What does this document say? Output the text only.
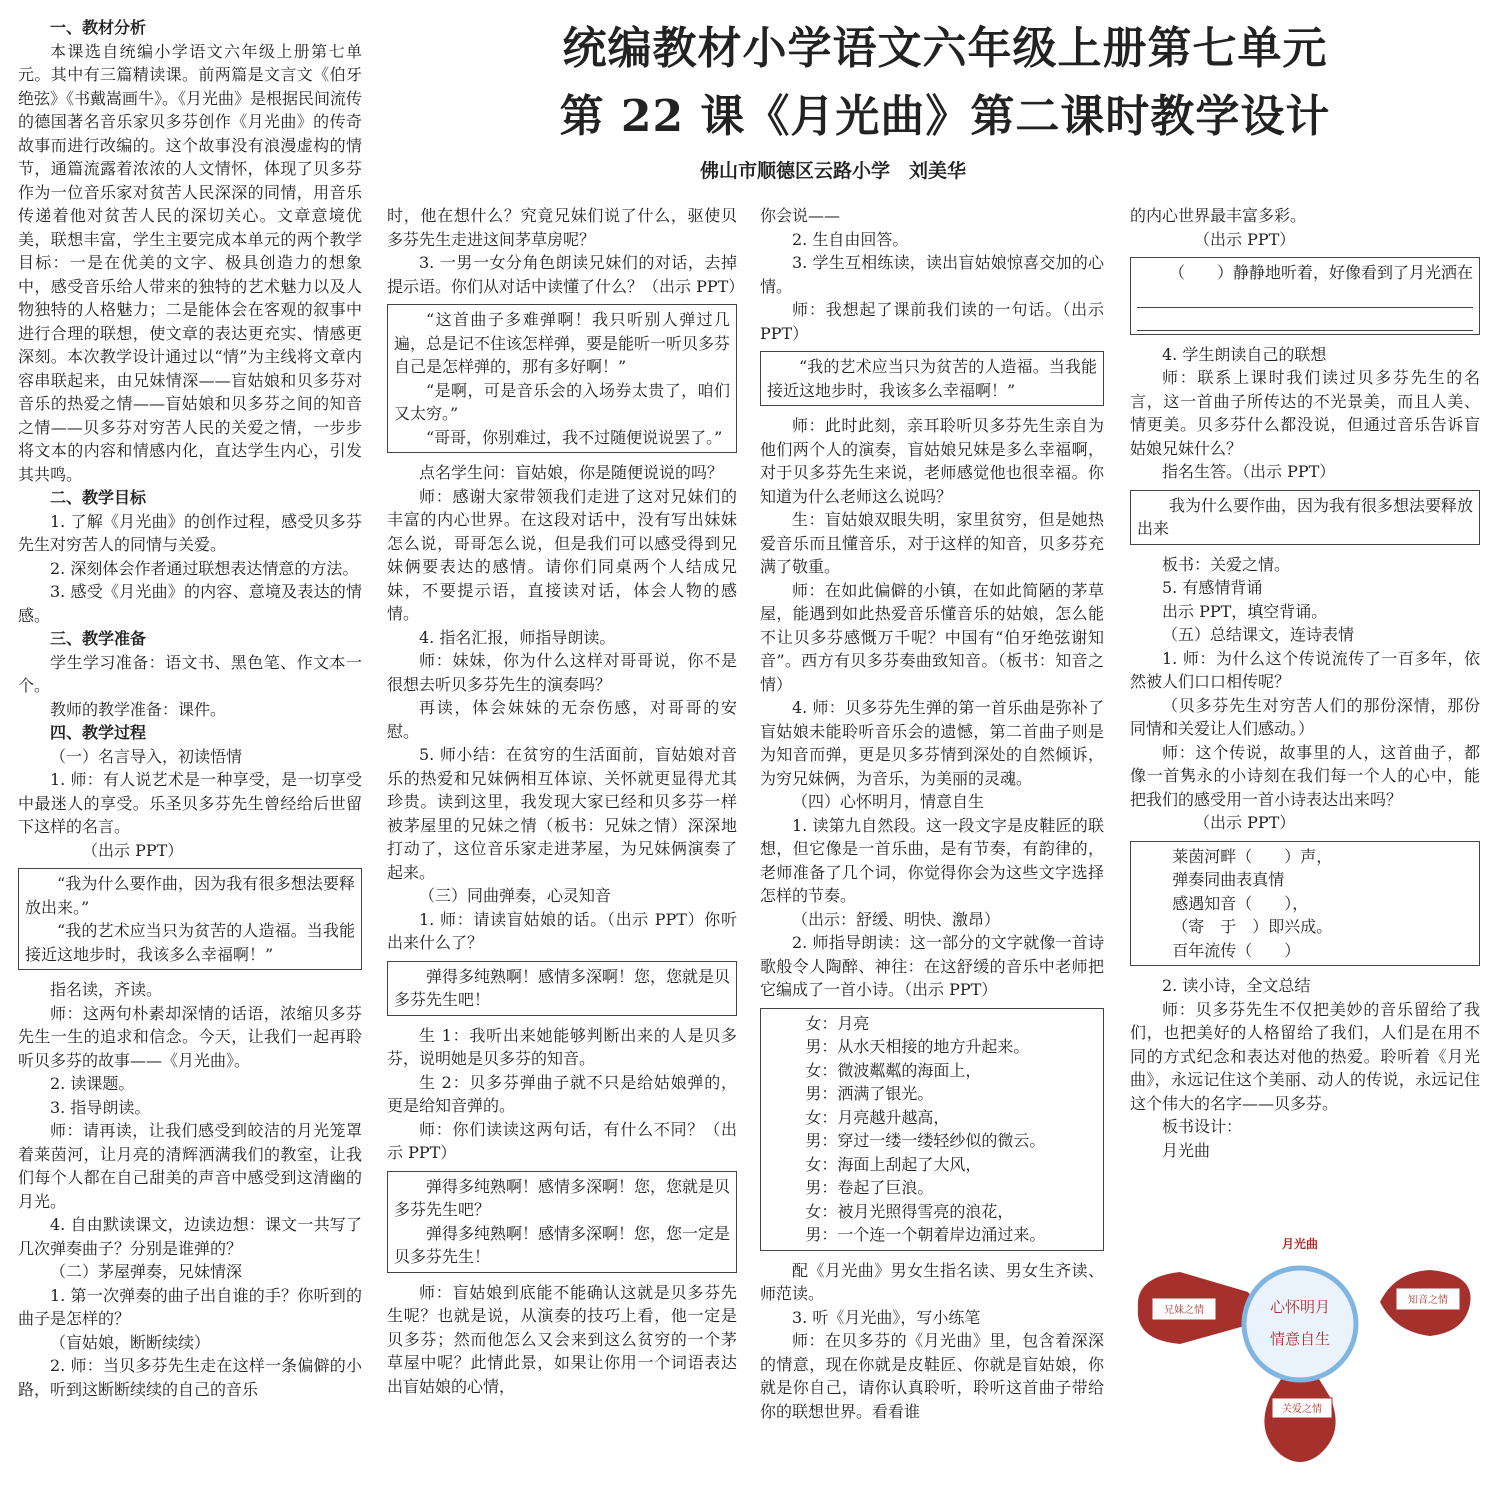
统编教材小学语文六年级上册第七单元
第 22 课《月光曲》第二课时教学设计
佛山市顺德区云路小学　刘美华

一、教材分析

本课选自统编小学语文六年级上册第七单元。其中有三篇精读课。前两篇是文言文《伯牙绝弦》《书戴嵩画牛》。《月光曲》是根据民间流传的德国著名音乐家贝多芬创作《月光曲》的传奇故事而进行改编的。这个故事没有浪漫虚构的情节，通篇流露着浓浓的人文情怀，体现了贝多芬作为一位音乐家对贫苦人民深深的同情，用音乐传递着他对贫苦人民的深切关心。文章意境优美，联想丰富，学生主要完成本单元的两个教学目标：一是在优美的文字、极具创造力的想象中，感受音乐给人带来的独特的艺术魅力以及人物独特的人格魅力；二是能体会在客观的叙事中进行合理的联想，使文章的表达更充实、情感更深刻。本次教学设计通过以“情”为主线将文章内容串联起来，由兄妹情深——盲姑娘和贝多芬对音乐的热爱之情——盲姑娘和贝多芬之间的知音之情——贝多芬对穷苦人民的关爱之情，一步步将文本的内容和情感内化，直达学生内心，引发其共鸣。

二、教学目标

1. 了解《月光曲》的创作过程，感受贝多芬先生对穷苦人的同情与关爱。

2. 深刻体会作者通过联想表达情意的方法。

3. 感受《月光曲》的内容、意境及表达的情感。

三、教学准备

学生学习准备：语文书、黑色笔、作文本一个。

教师的教学准备：课件。

四、教学过程

（一）名言导入，初读悟情

1. 师：有人说艺术是一种享受，是一切享受中最迷人的享受。乐圣贝多芬先生曾经给后世留下这样的名言。

（出示 PPT）

“我为什么要作曲，因为我有很多想法要释放出来。”

“我的艺术应当只为贫苦的人造福。当我能接近这地步时，我该多么幸福啊！”

指名读，齐读。

师：这两句朴素却深情的话语，浓缩贝多芬先生一生的追求和信念。今天，让我们一起再聆听贝多芬的故事——《月光曲》。

2. 读课题。

3. 指导朗读。

师：请再读，让我们感受到皎洁的月光笼罩着莱茵河，让月亮的清辉洒满我们的教室，让我们每个人都在自己甜美的声音中感受到这清幽的月光。

4. 自由默读课文，边读边想：课文一共写了几次弹奏曲子？分别是谁弹的？

（二）茅屋弹奏，兄妹情深

1. 第一次弹奏的曲子出自谁的手？你听到的曲子是怎样的？

（盲姑娘，断断续续）

2. 师：当贝多芬先生走在这样一条偏僻的小路，听到这断断续续的自己的音乐

时，他在想什么？究竟兄妹们说了什么，驱使贝多芬先生走进这间茅草房呢？

3. 一男一女分角色朗读兄妹们的对话，去掉提示语。你们从对话中读懂了什么？（出示 PPT）

“这首曲子多难弹啊！我只听别人弹过几遍，总是记不住该怎样弹，要是能听一听贝多芬自己是怎样弹的，那有多好啊！”

“是啊，可是音乐会的入场券太贵了，咱们又太穷。”

“哥哥，你别难过，我不过随便说说罢了。”

点名学生问：盲姑娘，你是随便说说的吗？

师：感谢大家带领我们走进了这对兄妹们的丰富的内心世界。在这段对话中，没有写出妹妹怎么说，哥哥怎么说，但是我们可以感受得到兄妹俩要表达的感情。请你们同桌两个人结成兄妹，不要提示语，直接读对话，体会人物的感情。

4. 指名汇报，师指导朗读。

师：妹妹，你为什么这样对哥哥说，你不是很想去听贝多芬先生的演奏吗？

再读，体会妹妹的无奈伤感，对哥哥的安慰。

5. 师小结：在贫穷的生活面前，盲姑娘对音乐的热爱和兄妹俩相互体谅、关怀就更显得尤其珍贵。读到这里，我发现大家已经和贝多芬一样被茅屋里的兄妹之情（板书：兄妹之情）深深地打动了，这位音乐家走进茅屋，为兄妹俩演奏了起来。

（三）同曲弹奏，心灵知音

1. 师：请读盲姑娘的话。（出示 PPT）你听出来什么了？

弹得多纯熟啊！感情多深啊！您，您就是贝多芬先生吧！

生 1：我听出来她能够判断出来的人是贝多芬，说明她是贝多芬的知音。

生 2：贝多芬弹曲子就不只是给姑娘弹的，更是给知音弹的。

师：你们读读这两句话，有什么不同？（出示 PPT）

弹得多纯熟啊！感情多深啊！您，您就是贝多芬先生吧？

弹得多纯熟啊！感情多深啊！您，您一定是贝多芬先生！

师：盲姑娘到底能不能确认这就是贝多芬先生呢？也就是说，从演奏的技巧上看，他一定是贝多芬；然而他怎么又会来到这么贫穷的一个茅草屋中呢？此情此景，如果让你用一个词语表达出盲姑娘的心情，

你会说——

2. 生自由回答。

3. 学生互相练读，读出盲姑娘惊喜交加的心情。

师：我想起了课前我们读的一句话。（出示 PPT）

“我的艺术应当只为贫苦的人造福。当我能接近这地步时，我该多么幸福啊！”

师：此时此刻，亲耳聆听贝多芬先生亲自为他们两个人的演奏，盲姑娘兄妹是多么幸福啊，对于贝多芬先生来说，老师感觉他也很幸福。你知道为什么老师这么说吗？

生：盲姑娘双眼失明，家里贫穷，但是她热爱音乐而且懂音乐，对于这样的知音，贝多芬充满了敬重。

师：在如此偏僻的小镇，在如此简陋的茅草屋，能遇到如此热爱音乐懂音乐的姑娘，怎么能不让贝多芬感慨万千呢？中国有“伯牙绝弦谢知音”。西方有贝多芬奏曲致知音。（板书：知音之情）

4. 师：贝多芬先生弹的第一首乐曲是弥补了盲姑娘未能聆听音乐会的遗憾，第二首曲子则是为知音而弹，更是贝多芬情到深处的自然倾诉，为穷兄妹俩，为音乐，为美丽的灵魂。

（四）心怀明月，情意自生

1. 读第九自然段。这一段文字是皮鞋匠的联想，但它像是一首乐曲，是有节奏，有韵律的，老师准备了几个词，你觉得你会为这些文字选择怎样的节奏。

（出示：舒缓、明快、激昂）

2. 师指导朗读：这一部分的文字就像一首诗歌般令人陶醉、神往：在这舒缓的音乐中老师把它编成了一首小诗。（出示 PPT）

女：月亮

男：从水天相接的地方升起来。

女：微波粼粼的海面上，

男：洒满了银光。

女：月亮越升越高，

男：穿过一缕一缕轻纱似的微云。

女：海面上刮起了大风，

男：卷起了巨浪。

女：被月光照得雪亮的浪花，

男：一个连一个朝着岸边涌过来。

配《月光曲》男女生指名读、男女生齐读、师范读。

3. 听《月光曲》，写小练笔

师：在贝多芬的《月光曲》里，包含着深深的情意，现在你就是皮鞋匠、你就是盲姑娘，你就是你自己，请你认真聆听，聆听这首曲子带给你的联想世界。看看谁

的内心世界最丰富多彩。

（出示 PPT）

（　　）静静地听着，好像看到了月光洒在

4. 学生朗读自己的联想

师：联系上课时我们读过贝多芬先生的名言，这一首曲子所传达的不光景美，而且人美、情更美。贝多芬什么都没说，但通过音乐告诉盲姑娘兄妹什么？

指名生答。（出示 PPT）

我为什么要作曲，因为我有很多想法要释放出来

板书：关爱之情。

5. 有感情背诵

出示 PPT，填空背诵。

（五）总结课文，连诗表情

1. 师：为什么这个传说流传了一百多年，依然被人们口口相传呢？

（贝多芬先生对穷苦人们的那份深情，那份同情和关爱让人们感动。）

师：这个传说，故事里的人，这首曲子，都像一首隽永的小诗刻在我们每一个人的心中，能把我们的感受用一首小诗表达出来吗？

（出示 PPT）

莱茵河畔（　　）声，

弹奏同曲表真情

感遇知音（　　），

（寄　于　）即兴成。

百年流传（　　）

2. 读小诗，全文总结

师：贝多芬先生不仅把美妙的音乐留给了我们，也把美好的人格留给了我们，人们是在用不同的方式纪念和表达对他的热爱。聆听着《月光曲》，永远记住这个美丽、动人的传说，永远记住这个伟大的名字——贝多芬。

板书设计：

月光曲

月光曲
兄妹之情
知音之情
关爱之情
心怀明月
情意自生
